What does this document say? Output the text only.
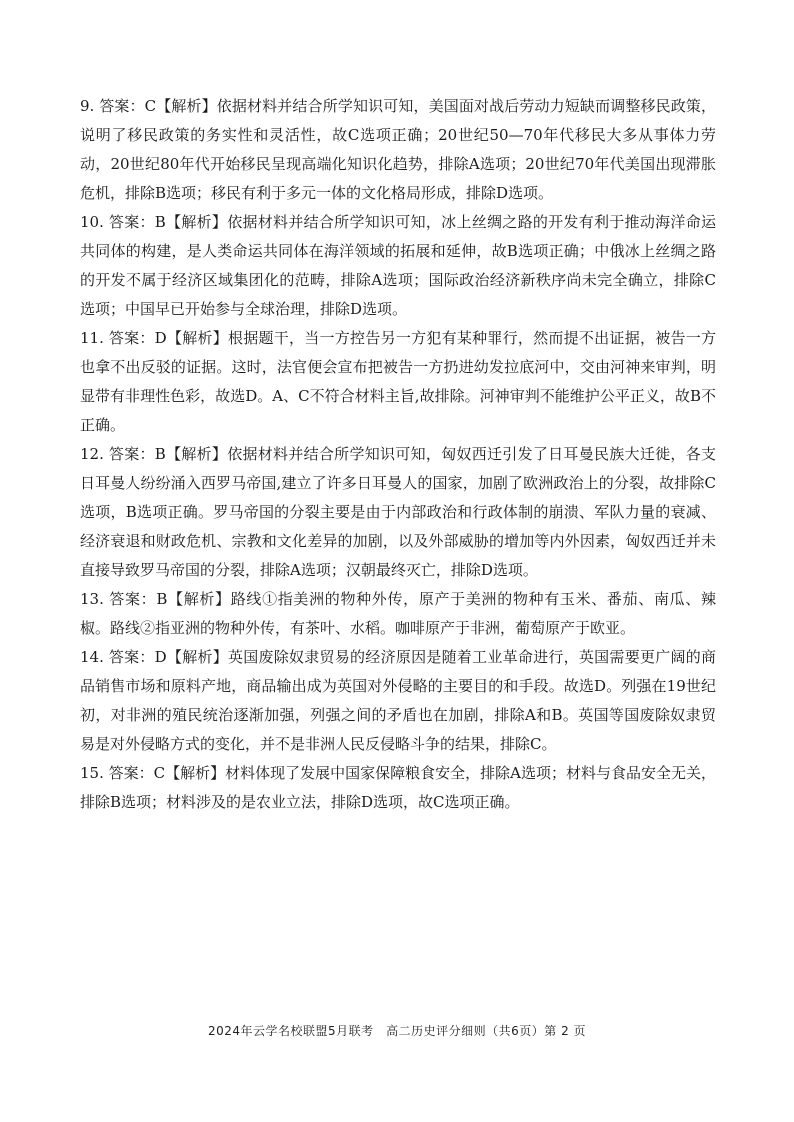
9. 答案：C【解析】依据材料并结合所学知识可知，美国面对战后劳动力短缺而调整移民政策，说明了移民政策的务实性和灵活性，故C选项正确；20世纪50—70年代移民大多从事体力劳动，20世纪80年代开始移民呈现高端化知识化趋势，排除A选项；20世纪70年代美国出现滞胀危机，排除B选项；移民有利于多元一体的文化格局形成，排除D选项。

10. 答案：B【解析】依据材料并结合所学知识可知，冰上丝绸之路的开发有利于推动海洋命运共同体的构建，是人类命运共同体在海洋领域的拓展和延伸，故B选项正确；中俄冰上丝绸之路的开发不属于经济区域集团化的范畴，排除A选项；国际政治经济新秩序尚未完全确立，排除C选项；中国早已开始参与全球治理，排除D选项。

11. 答案：D【解析】根据题干，当一方控告另一方犯有某种罪行，然而提不出证据，被告一方也拿不出反驳的证据。这时，法官便会宣布把被告一方扔进幼发拉底河中，交由河神来审判，明显带有非理性色彩，故选D。A、C不符合材料主旨,故排除。河神审判不能维护公平正义，故B不正确。

12. 答案：B【解析】依据材料并结合所学知识可知，匈奴西迁引发了日耳曼民族大迁徙，各支日耳曼人纷纷涌入西罗马帝国,建立了许多日耳曼人的国家，加剧了欧洲政治上的分裂，故排除C选项，B选项正确。罗马帝国的分裂主要是由于内部政治和行政体制的崩溃、军队力量的衰减、经济衰退和财政危机、宗教和文化差异的加剧，以及外部威胁的增加等内外因素，匈奴西迁并未直接导致罗马帝国的分裂，排除A选项；汉朝最终灭亡，排除D选项。

13. 答案：B【解析】路线①指美洲的物种外传，原产于美洲的物种有玉米、番茄、南瓜、辣椒。路线②指亚洲的物种外传，有茶叶、水稻。咖啡原产于非洲，葡萄原产于欧亚。

14. 答案：D【解析】英国废除奴隶贸易的经济原因是随着工业革命进行，英国需要更广阔的商品销售市场和原料产地，商品输出成为英国对外侵略的主要目的和手段。故选D。列强在19世纪初，对非洲的殖民统治逐渐加强，列强之间的矛盾也在加剧，排除A和B。英国等国废除奴隶贸易是对外侵略方式的变化，并不是非洲人民反侵略斗争的结果，排除C。

15. 答案：C【解析】材料体现了发展中国家保障粮食安全，排除A选项；材料与食品安全无关，排除B选项；材料涉及的是农业立法，排除D选项，故C选项正确。

2024年云学名校联盟5月联考　高二历史评分细则（共6页）第 2 页
